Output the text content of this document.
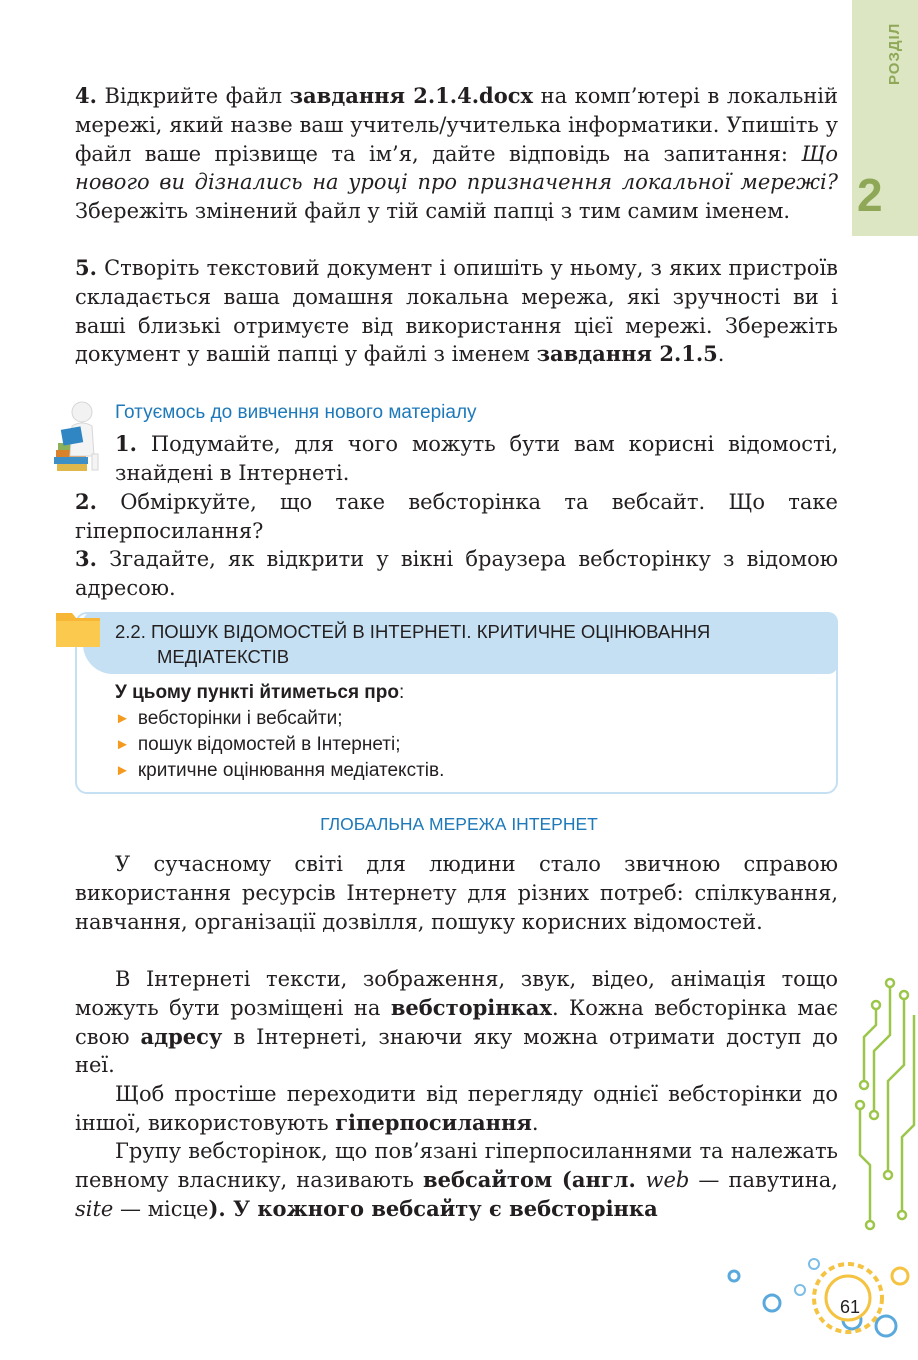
РОЗДІЛ
2

4. Відкрийте файл завдання 2.1.4.docx на комп’ютері в локальній мережі, який назве ваш учитель/учителька інформатики. Упишіть у файл ваше прізвище та ім’я, дайте відповідь на запитання: Що нового ви дізнались на уроці про призначення локальної мережі? Збережіть змінений файл у тій самій папці з тим самим іменем.

5. Створіть текстовий документ і опишіть у ньому, з яких пристроїв складається ваша домашня локальна мережа, які зручності ви і ваші близькі отримуєте від використання цієї мережі. Збережіть документ у вашій папці у файлі з іменем завдання 2.1.5.

Готуємось до вивчення нового матеріалу

1. Подумайте, для чого можуть бути вам корисні відомості, знайдені в Інтернеті.

2. Обміркуйте, що таке вебсторінка та вебсайт. Що таке гіперпосилання?

3. Згадайте, як відкрити у вікні браузера вебсторінку з відомою адресою.

2.2. ПОШУК ВІДОМОСТЕЙ В ІНТЕРНЕТІ. КРИТИЧНЕ ОЦІНЮВАННЯ
МЕДІАТЕКСТІВ
У цьому пункті йтиметься про:
► вебсторінки і вебсайти;
► пошук відомостей в Інтернеті;
► критичне оцінювання медіатекстів.
ГЛОБАЛЬНА МЕРЕЖА ІНТЕРНЕТ

У сучасному світі для людини стало звичною справою використання ресурсів Інтернету для різних потреб: спілкування, навчання, організації дозвілля, пошуку корисних відомостей.

В Інтернеті тексти, зображення, звук, відео, анімація тощо можуть бути розміщені на вебсторінках. Кожна вебсторінка має свою адресу в Інтернеті, знаючи яку можна отримати доступ до неї.

Щоб простіше переходити від перегляду однієї вебсторінки до іншої, використовують гіперпосилання.

Групу вебсторінок, що пов’язані гіперпосиланнями та належать певному власнику, називають вебсайтом (англ. web — павутина, site — місце). У кожного вебсайту є вебсторінка

61
